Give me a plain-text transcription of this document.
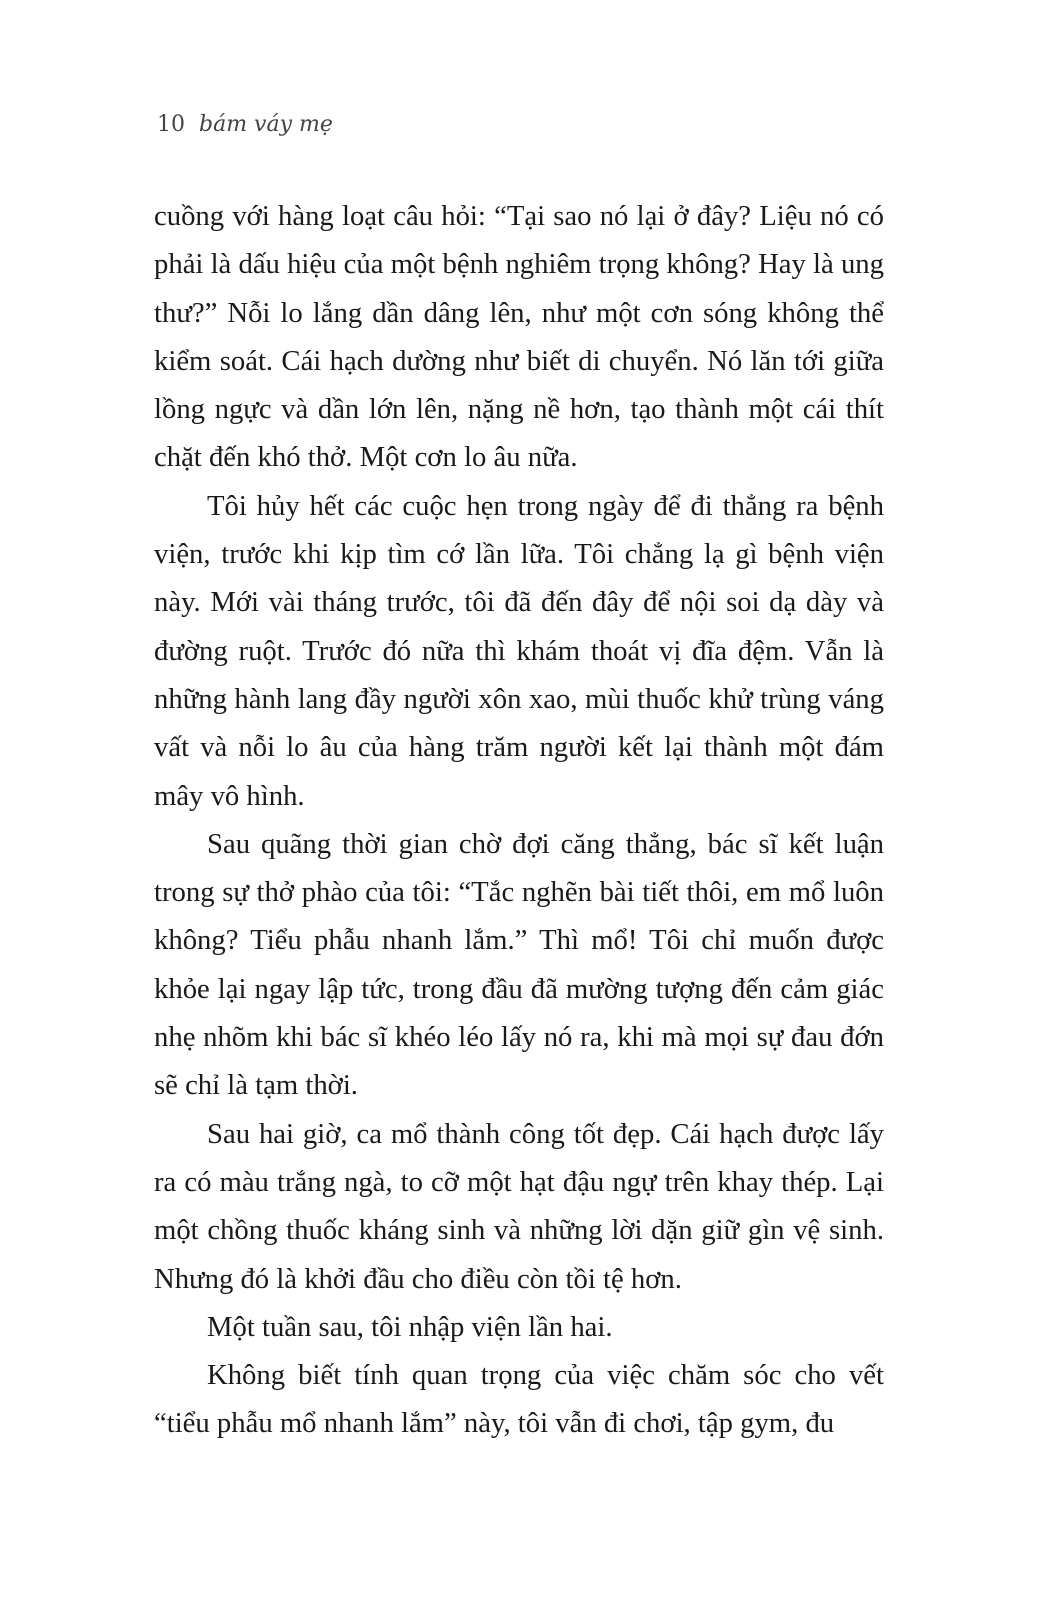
10 bám váy mẹ

cuồng với hàng loạt câu hỏi: “Tại sao nó lại ở đây? Liệu nó có phải là dấu hiệu của một bệnh nghiêm trọng không? Hay là ung thư?” Nỗi lo lắng dần dâng lên, như một cơn sóng không thể kiểm soát. Cái hạch dường như biết di chuyển. Nó lăn tới giữa lồng ngực và dần lớn lên, nặng nề hơn, tạo thành một cái thít chặt đến khó thở. Một cơn lo âu nữa.

Tôi hủy hết các cuộc hẹn trong ngày để đi thẳng ra bệnh viện, trước khi kịp tìm cớ lần lữa. Tôi chẳng lạ gì bệnh viện này. Mới vài tháng trước, tôi đã đến đây để nội soi dạ dày và đường ruột. Trước đó nữa thì khám thoát vị đĩa đệm. Vẫn là những hành lang đầy người xôn xao, mùi thuốc khử trùng váng vất và nỗi lo âu của hàng trăm người kết lại thành một đám mây vô hình.

Sau quãng thời gian chờ đợi căng thẳng, bác sĩ kết luận trong sự thở phào của tôi: “Tắc nghẽn bài tiết thôi, em mổ luôn không? Tiểu phẫu nhanh lắm.” Thì mổ! Tôi chỉ muốn được khỏe lại ngay lập tức, trong đầu đã mường tượng đến cảm giác nhẹ nhõm khi bác sĩ khéo léo lấy nó ra, khi mà mọi sự đau đớn sẽ chỉ là tạm thời.

Sau hai giờ, ca mổ thành công tốt đẹp. Cái hạch được lấy ra có màu trắng ngà, to cỡ một hạt đậu ngự trên khay thép. Lại một chồng thuốc kháng sinh và những lời dặn giữ gìn vệ sinh. Nhưng đó là khởi đầu cho điều còn tồi tệ hơn.

Một tuần sau, tôi nhập viện lần hai.

Không biết tính quan trọng của việc chăm sóc cho vết “tiểu phẫu mổ nhanh lắm” này, tôi vẫn đi chơi, tập gym, đu
